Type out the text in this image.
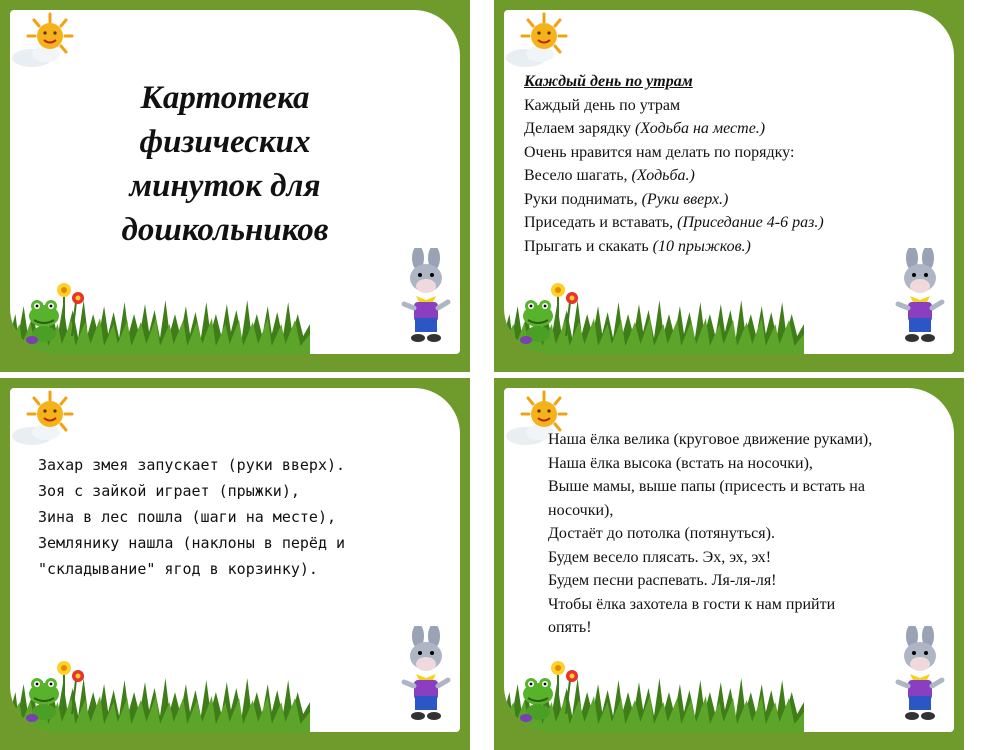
Картотека
физических
минуток для
дошкольников
Каждый день по утрам
Каждый день по утрам
Делаем зарядку (Ходьба на месте.)
Очень нравится нам делать по порядку:
Весело шагать, (Ходьба.)
Руки поднимать, (Руки вверх.)
Приседать и вставать, (Приседание 4-6 раз.)
Прыгать и скакать (10 прыжков.)
Захар змея запускает (руки вверх).
Зоя с зайкой играет (прыжки),
Зина в лес пошла (шаги на месте),
Землянику нашла (наклоны в перёд и
"складывание" ягод в корзинку).
Наша ёлка велика (круговое движение руками),
Наша ёлка высока (встать на носочки),
Выше мамы, выше папы (присесть и встать на
носочки),
Достаёт до потолка (потянуться).
Будем весело плясать. Эх, эх, эх!
Будем песни распевать. Ля-ля-ля!
Чтобы ёлка захотела в гости к нам прийти
опять!
